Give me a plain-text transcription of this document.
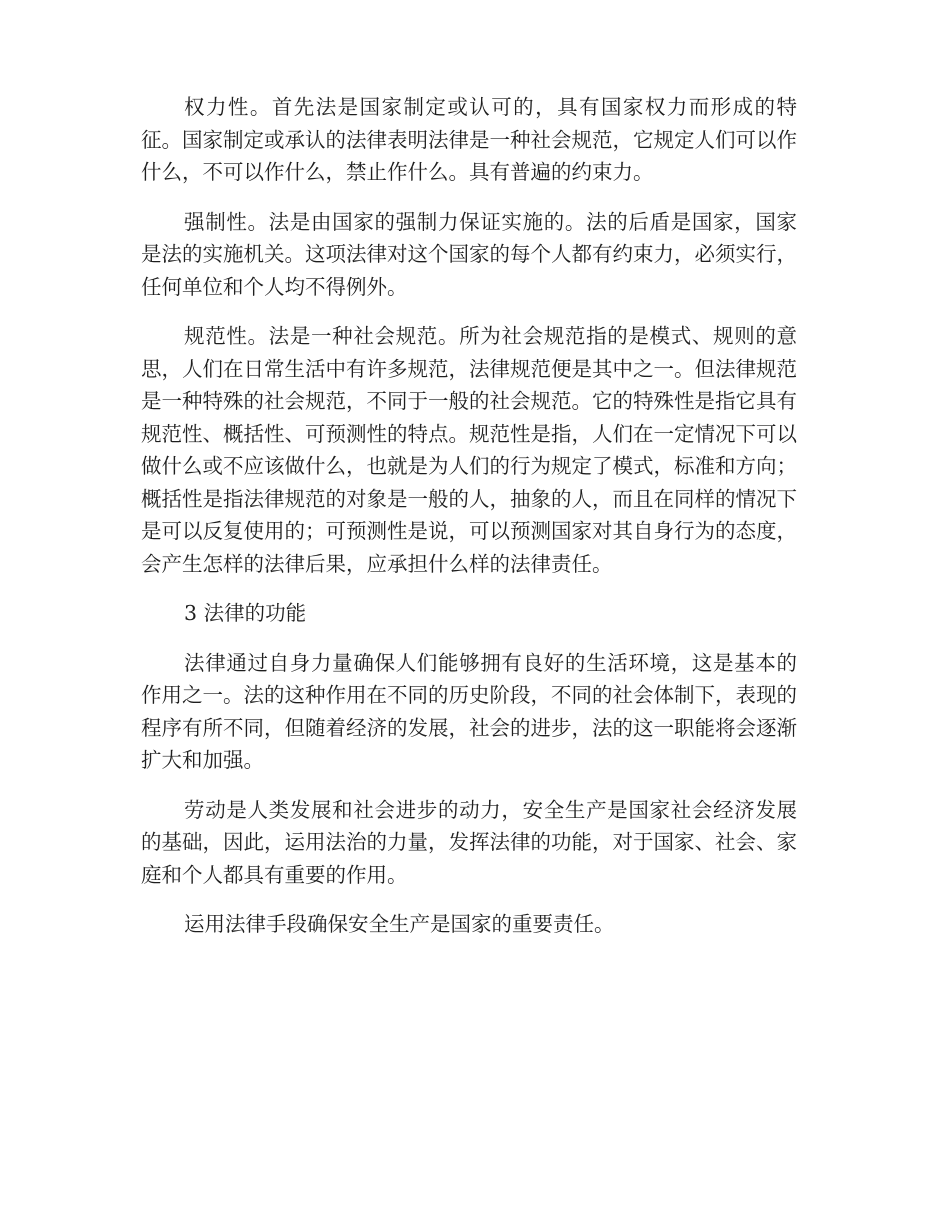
权力性。首先法是国家制定或认可的，具有国家权力而形成的特征。国家制定或承认的法律表明法律是一种社会规范，它规定人们可以作什么，不可以作什么，禁止作什么。具有普遍的约束力。

强制性。法是由国家的强制力保证实施的。法的后盾是国家，国家是法的实施机关。这项法律对这个国家的每个人都有约束力，必须实行，任何单位和个人均不得例外。

规范性。法是一种社会规范。所为社会规范指的是模式、规则的意思，人们在日常生活中有许多规范，法律规范便是其中之一。但法律规范是一种特殊的社会规范，不同于一般的社会规范。它的特殊性是指它具有规范性、概括性、可预测性的特点。规范性是指，人们在一定情况下可以做什么或不应该做什么，也就是为人们的行为规定了模式，标准和方向；概括性是指法律规范的对象是一般的人，抽象的人，而且在同样的情况下是可以反复使用的；可预测性是说，可以预测国家对其自身行为的态度，会产生怎样的法律后果，应承担什么样的法律责任。

3 法律的功能

法律通过自身力量确保人们能够拥有良好的生活环境，这是基本的作用之一。法的这种作用在不同的历史阶段，不同的社会体制下，表现的程序有所不同，但随着经济的发展，社会的进步，法的这一职能将会逐渐扩大和加强。

劳动是人类发展和社会进步的动力，安全生产是国家社会经济发展的基础，因此，运用法治的力量，发挥法律的功能，对于国家、社会、家庭和个人都具有重要的作用。

运用法律手段确保安全生产是国家的重要责任。
